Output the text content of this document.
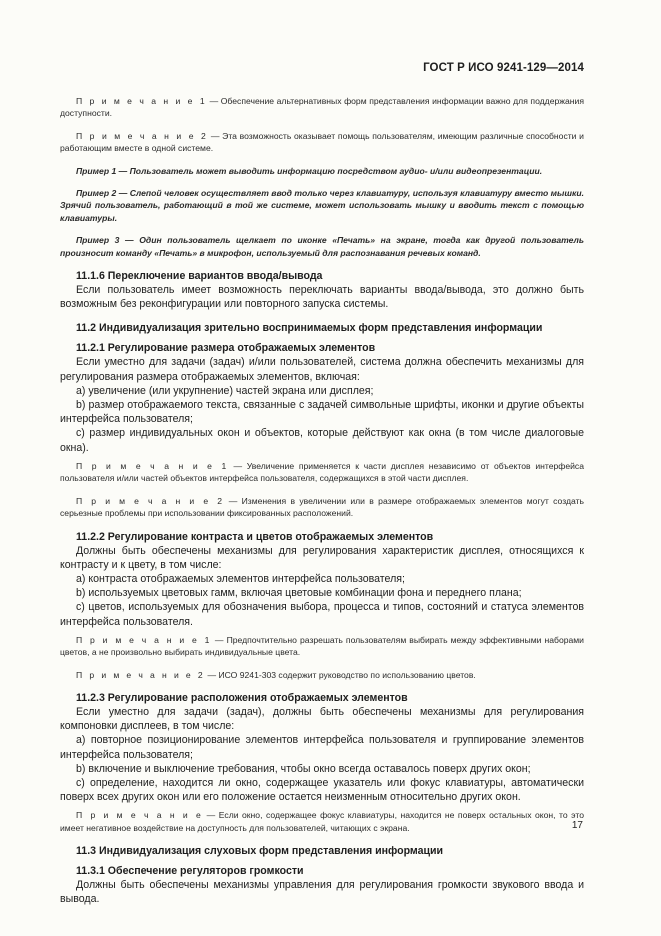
ГОСТ Р ИСО 9241-129—2014

П р и м е ч а н и е 1 — Обеспечение альтернативных форм представления информации важно для поддержания доступности.

П р и м е ч а н и е 2 — Эта возможность оказывает помощь пользователям, имеющим различные способности и работающим вместе в одной системе.

Пример 1 — Пользователь может выводить информацию посредством аудио- и/или видеопрезентации.

Пример 2 — Слепой человек осуществляет ввод только через клавиатуру, используя клавиатуру вместо мышки. Зрячий пользователь, работающий в той же системе, может использовать мышку и вводить текст с помощью клавиатуры.

Пример 3 — Один пользователь щелкает по иконке «Печать» на экране, тогда как другой пользователь произносит команду «Печать» в микрофон, используемый для распознавания речевых команд.

11.1.6 Переключение вариантов ввода/вывода

Если пользователь имеет возможность переключать варианты ввода/вывода, это должно быть возможным без реконфигурации или повторного запуска системы.

11.2 Индивидуализация зрительно воспринимаемых форм представления информации

11.2.1 Регулирование размера отображаемых элементов

Если уместно для задачи (задач) и/или пользователей, система должна обеспечить механизмы для регулирования размера отображаемых элементов, включая:

a) увеличение (или укрупнение) частей экрана или дисплея;

b) размер отображаемого текста, связанные с задачей символьные шрифты, иконки и другие объекты интерфейса пользователя;

c) размер индивидуальных окон и объектов, которые действуют как окна (в том числе диалоговые окна).

П р и м е ч а н и е 1 — Увеличение применяется к части дисплея независимо от объектов интерфейса пользователя и/или частей объектов интерфейса пользователя, содержащихся в этой части дисплея.

П р и м е ч а н и е 2 — Изменения в увеличении или в размере отображаемых элементов могут создать серьезные проблемы при использовании фиксированных расположений.

11.2.2 Регулирование контраста и цветов отображаемых элементов

Должны быть обеспечены механизмы для регулирования характеристик дисплея, относящихся к контрасту и к цвету, в том числе:

a) контраста отображаемых элементов интерфейса пользователя;

b) используемых цветовых гамм, включая цветовые комбинации фона и переднего плана;

c) цветов, используемых для обозначения выбора, процесса и типов, состояний и статуса элементов интерфейса пользователя.

П р и м е ч а н и е 1 — Предпочтительно разрешать пользователям выбирать между эффективными наборами цветов, а не произвольно выбирать индивидуальные цвета.

П р и м е ч а н и е 2 — ИСО 9241-303 содержит руководство по использованию цветов.

11.2.3 Регулирование расположения отображаемых элементов

Если уместно для задачи (задач), должны быть обеспечены механизмы для регулирования компоновки дисплеев, в том числе:

a) повторное позиционирование элементов интерфейса пользователя и группирование элементов интерфейса пользователя;

b) включение и выключение требования, чтобы окно всегда оставалось поверх других окон;

c) определение, находится ли окно, содержащее указатель или фокус клавиатуры, автоматически поверх всех других окон или его положение остается неизменным относительно других окон.

П р и м е ч а н и е — Если окно, содержащее фокус клавиатуры, находится не поверх остальных окон, то это имеет негативное воздействие на доступность для пользователей, читающих с экрана.

11.3 Индивидуализация слуховых форм представления информации

11.3.1 Обеспечение регуляторов громкости

Должны быть обеспечены механизмы управления для регулирования громкости звукового ввода и вывода.

17
